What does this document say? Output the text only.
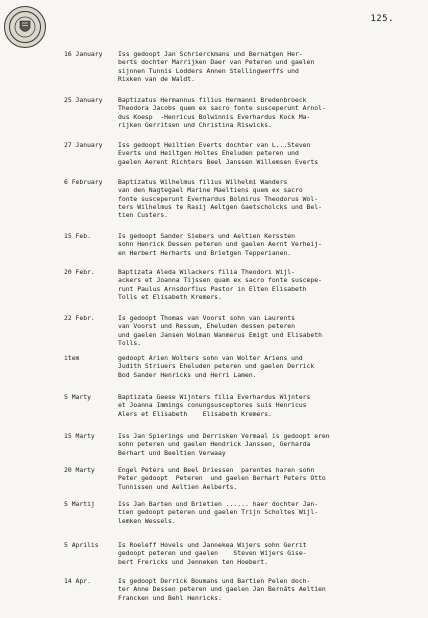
125.
16 January Iss gedoopt Jan Schrierckmans und Bernatgen Her-
berts dochter Marrijken Daer van Peteren und gaelen
sijnnen Tunnis Lodders Annen Stellingwerffs und
Rixken van de Waldt.
25 January Baptizatus Hermannus filius Hermanni Bredenbroeck
Theodora Jacobs quem ex sacro fonte susceperunt Arnol-
dus Koesp  -Henricus Bolwinnis Everhardus Kock Ma-
rijken Gerritsen und Christina Riswicks.
27 January Iss gedoopt Heiltien Everts dochter van L...Steven
Everts und Heiltgen Holtes Eheluden peteren und
gaelen Aerent Richters Beel Janssen Willemsen Everts
6 February Baptizatus Wilhelmus filius Wilhelmi Wanders
van den Nagtegael Marine Maeltiens quem ex sacro
fonte susceperunt Everhardus Bolmirus Theodorus Wol-
ters Wilhelmus te Rasij Aeltgen Gaetscholcks und Bel-
tien Custers.
15 Feb.	Is gedoopt Sander Siebers und Aeltien Kerssten
sohn Henrick Dessen peteren und gaelen Aernt Verheij-
en Herbert Herharts und Brietgen Tepperianen.
20 Febr.	Baptizata Aleda Wilackers filia Theodori Wijl-
ackers et Joanna Tijssen quam ex sacro fonte suscepe-
runt Paulus Arnsdorfius Pastor in Elten Elisabeth
Tolls et Elisabeth Kremers.
22 Febr.	Is gedoopt Thomas van Voorst sohn van Laurents
van Voorst und Ressum, Eheluden dessen peteren
und gaelen Jansen Wolman Wanmerus Emigt und Elisabeth
Tolls.
item	gedoopt Arien Wolters sohn van Wolter Ariens und
Judith Striuers Eheluden peteren und gaelen Derrick
Bod Sander Henricks und Herri Lamen.
5 Marty	Baptizata Geese Wijnters filia Everhardus Wijnters
et Joanna Immings conungsusceptores suis Henricus
Alers et Elisabeth    Elisabeth Kremers.
15 Marty	Iss Jan Spierings und Derrisken Vermaal is gedoopt eren
sohn peteren und gaelen Hendrick Janssen, Gerharda
Berhart und Beeltien Verwaay
20 Marty	Engel Peters und Beel Driessen  parentes haren sohn
Peter gedoopt  Peteren  und gaelen Berhart Peters Otto
Tunnissen und Aeltien Aelberts.
5 Martij	Iss Jan Barten und Brietien ...... haer dochter Jan-
tien gedoopt peteren und gaelen Trijn Scholtes Wijl-
lemken Wessels.
5 Aprilis	Is Roeleff Hovels und Jannekea Wijers sohn Gerrit
gedoopt peteren und gaelen    Steven Wijers Gise-
bert Frericks und Jenneken ten Hoebert.
14 Apr.	Is gedoopt Derrick Boumans und Bartien Pelen doch-
ter Anne Dessen peteren und gaelen Jan Bernáts Aeltien
Francken und Behl Henricks.
